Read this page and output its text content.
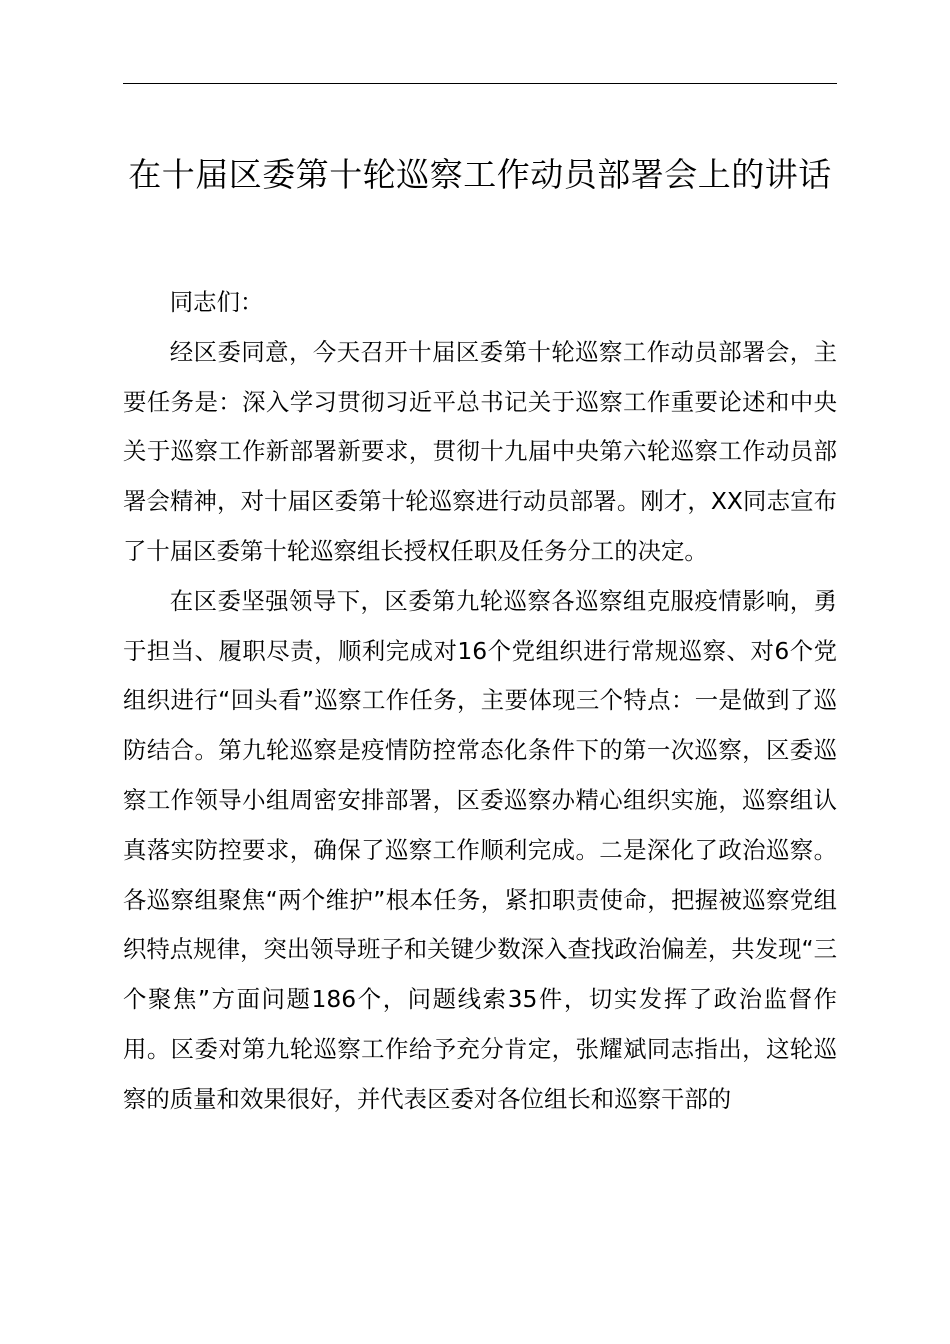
在十届区委第十轮巡察工作动员部署会上的讲话

同志们：

经区委同意，今天召开十届区委第十轮巡察工作动员部署会，主要任务是：深入学习贯彻习近平总书记关于巡察工作重要论述和中央关于巡察工作新部署新要求，贯彻十九届中央第六轮巡察工作动员部署会精神，对十届区委第十轮巡察进行动员部署。刚才，XX同志宣布了十届区委第十轮巡察组长授权任职及任务分工的决定。

在区委坚强领导下，区委第九轮巡察各巡察组克服疫情影响，勇于担当、履职尽责，顺利完成对16个党组织进行常规巡察、对6个党组织进行“回头看”巡察工作任务，主要体现三个特点：一是做到了巡防结合。第九轮巡察是疫情防控常态化条件下的第一次巡察，区委巡察工作领导小组周密安排部署，区委巡察办精心组织实施，巡察组认真落实防控要求，确保了巡察工作顺利完成。二是深化了政治巡察。各巡察组聚焦“两个维护”根本任务，紧扣职责使命，把握被巡察党组织特点规律，突出领导班子和关键少数深入查找政治偏差，共发现“三个聚焦”方面问题186个，问题线索35件，切实发挥了政治监督作用。区委对第九轮巡察工作给予充分肯定，张耀斌同志指出，这轮巡察的质量和效果很好，并代表区委对各位组长和巡察干部的
